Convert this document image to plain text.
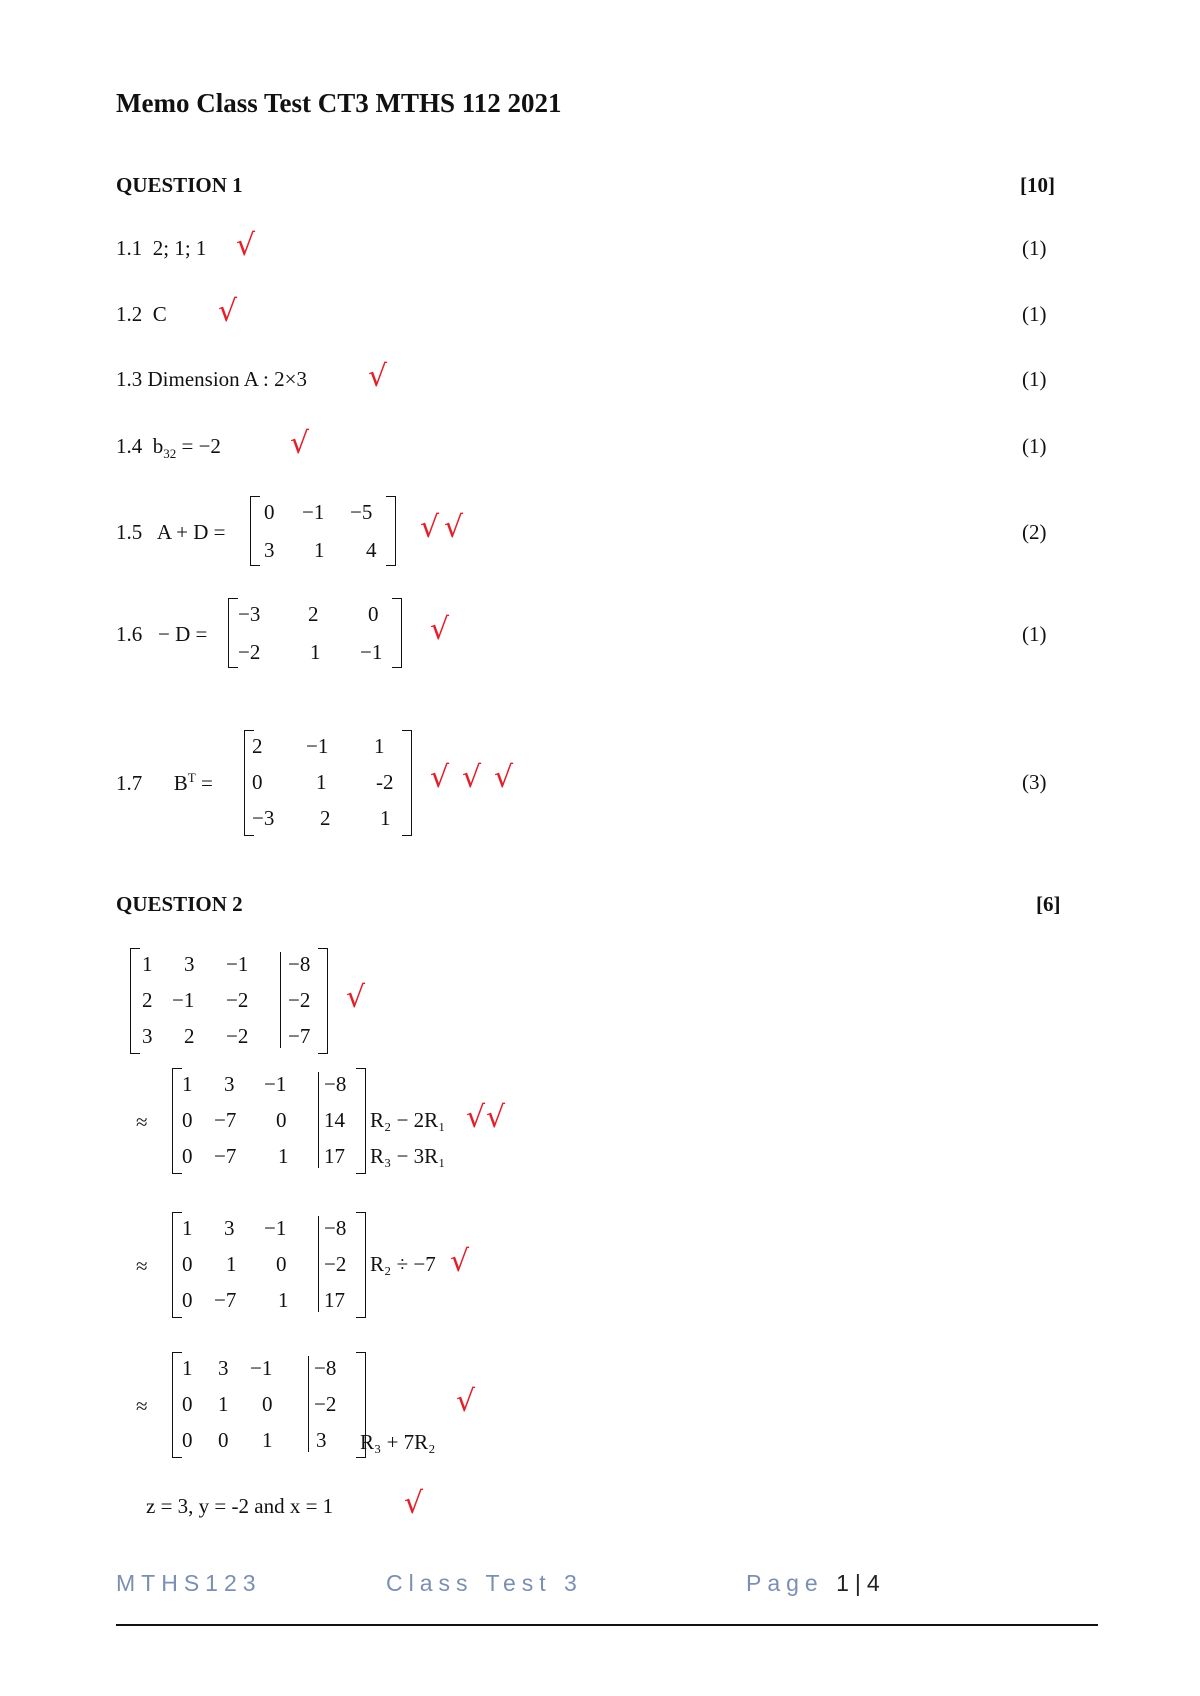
Memo Class Test CT3 MTHS 112 2021
QUESTION 1	[10]
1.1 2; 1; 1 √	(1)
1.2 C √	(1)
1.3 Dimension A : 2×3 √	(1)
1.4 $b_{32} = -2$ √	(1)
1.5 A + D =
0 −1 −5
3 1 4
√ √	(2)
1.6 − D =
−3 2 0
−2 1 −1
√	(1)
1.7 $B^T$ =
2 −1 1
0	1 -2
−3 2 1
√ √ √	(3)
QUESTION 2	[6]
1 3 −1 −8
2 −1 −2 −2
3 2 −2 −7
√
≈
1 3 −1 −8
0 −7 0 14
0 −7 1 17
R₂ − 2R₁
R₃ − 3R₁
√ √
≈
1 3 −1 −8
0 1 0 −2
0 −7 1 17
R₂ ÷ −7 √
≈
1 3 −1 −8
0 1 0 −2
0 0 1 3 R₃ + 7R₂
√
z = 3, y = -2 and x = 1 √
MTHS123	Class Test 3	Page 1|4
